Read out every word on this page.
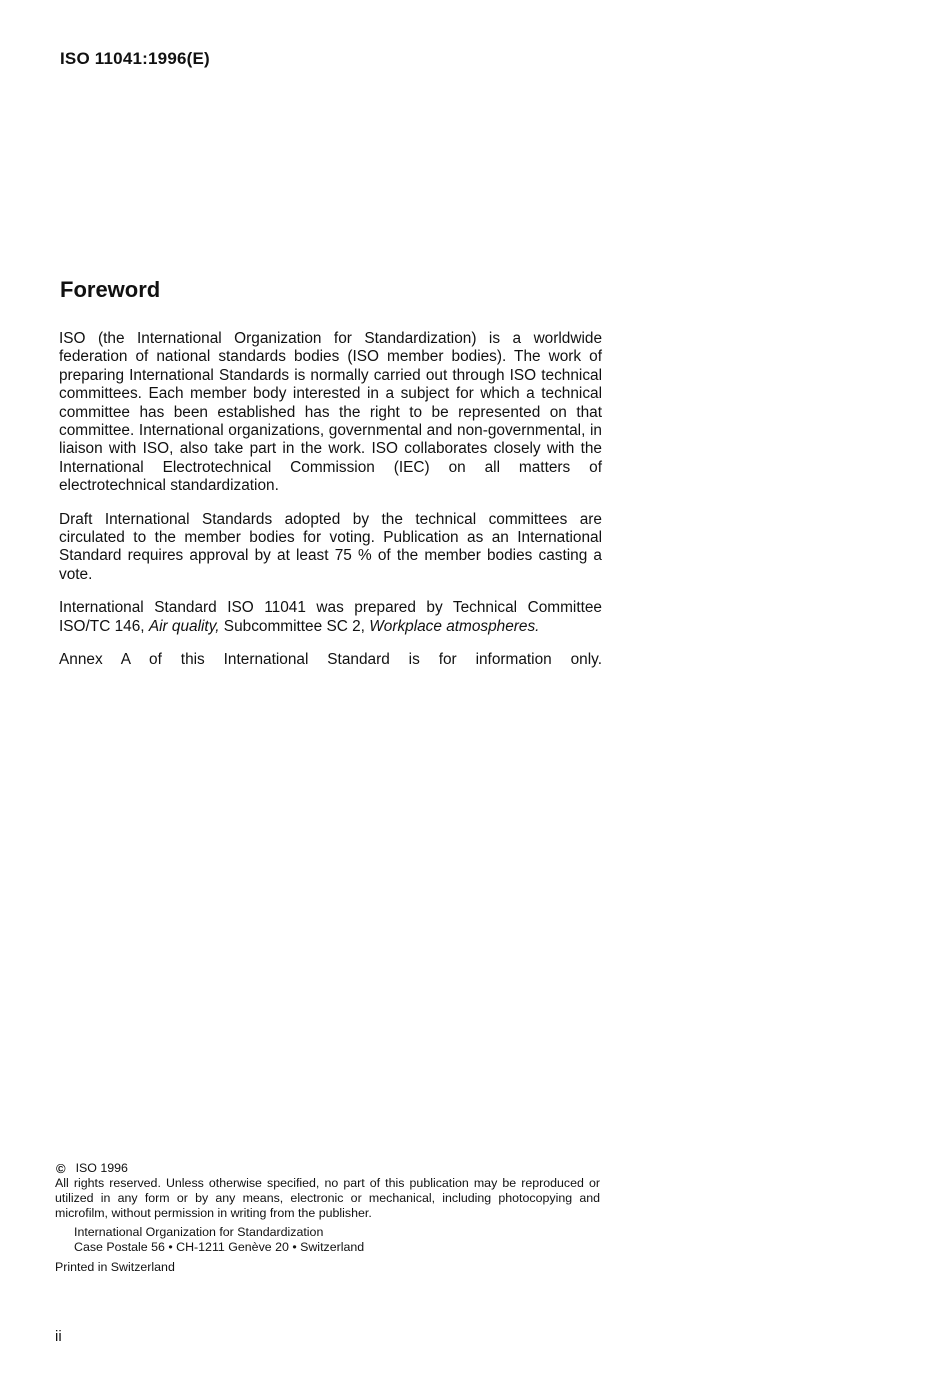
ISO 11041:1996(E)
Foreword

ISO (the International Organization for Standardization) is a worldwide federation of national standards bodies (ISO member bodies). The work of preparing International Standards is normally carried out through ISO technical committees. Each member body interested in a subject for which a technical committee has been established has the right to be represented on that committee. International organizations, governmental and non-governmental, in liaison with ISO, also take part in the work. ISO collaborates closely with the International Electrotechnical Commission (IEC) on all matters of electrotechnical standardization.

Draft International Standards adopted by the technical committees are circulated to the member bodies for voting. Publication as an International Standard requires approval by at least 75 % of the member bodies casting a vote.

International Standard ISO 11041 was prepared by Technical Committee ISO/TC 146, Air quality, Subcommittee SC 2, Workplace atmospheres.

Annex A of this International Standard is for information only.

© ISO 1996

All rights reserved. Unless otherwise specified, no part of this publication may be reproduced or utilized in any form or by any means, electronic or mechanical, including photocopying and microfilm, without permission in writing from the publisher.

International Organization for Standardization
Case Postale 56 • CH-1211 Genève 20 • Switzerland
Printed in Switzerland
ii
